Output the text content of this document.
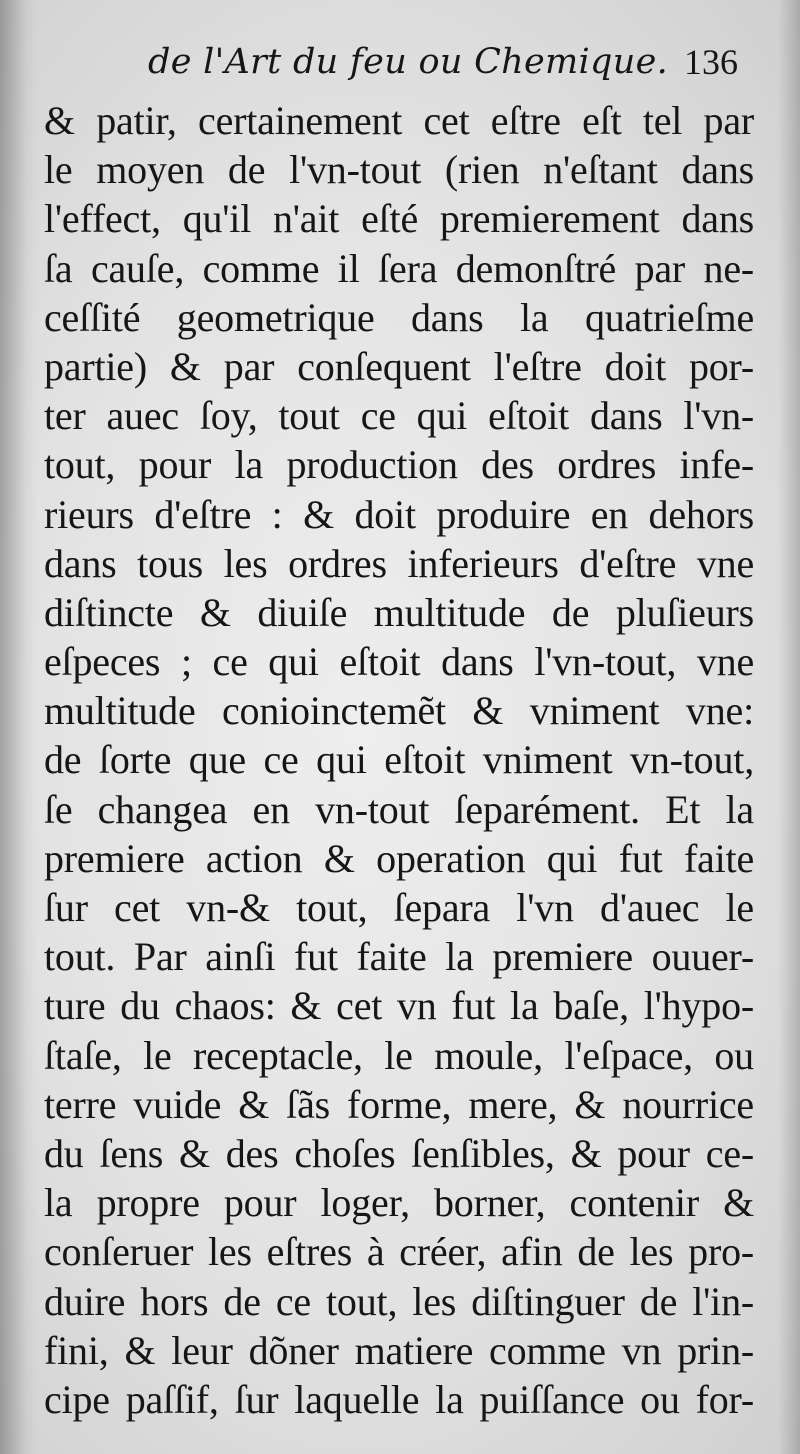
de l'Art du feu ou Chemique. 136
& patir, certainement cet eſtre eſt tel par
le moyen de l'vn-tout (rien n'eſtant dans
l'effect, qu'il n'ait eſté premierement dans
ſa cauſe, comme il ſera demonſtré par ne-
ceſſité geometrique dans la quatrieſme
partie) & par conſequent l'eſtre doit por-
ter auec ſoy, tout ce qui eſtoit dans l'vn-
tout, pour la production des ordres infe-
rieurs d'eſtre : & doit produire en dehors
dans tous les ordres inferieurs d'eſtre vne
diſtincte & diuiſe multitude de pluſieurs
eſpeces ; ce qui eſtoit dans l'vn-tout, vne
multitude conioinctemẽt & vniment vne:
de ſorte que ce qui eſtoit vniment vn-tout,
ſe changea en vn-tout ſeparément. Et la
premiere action & operation qui fut faite
ſur cet vn-& tout, ſepara l'vn d'auec le
tout. Par ainſi fut faite la premiere ouuer-
ture du chaos: & cet vn fut la baſe, l'hypo-
ſtaſe, le receptacle, le moule, l'eſpace, ou
terre vuide & ſãs forme, mere, & nourrice
du ſens & des choſes ſenſibles, & pour ce-
la propre pour loger, borner, contenir &
conſeruer les eſtres à créer, afin de les pro-
duire hors de ce tout, les diſtinguer de l'in-
fini, & leur dõner matiere comme vn prin-
cipe paſſif, ſur laquelle la puiſſance ou for-
